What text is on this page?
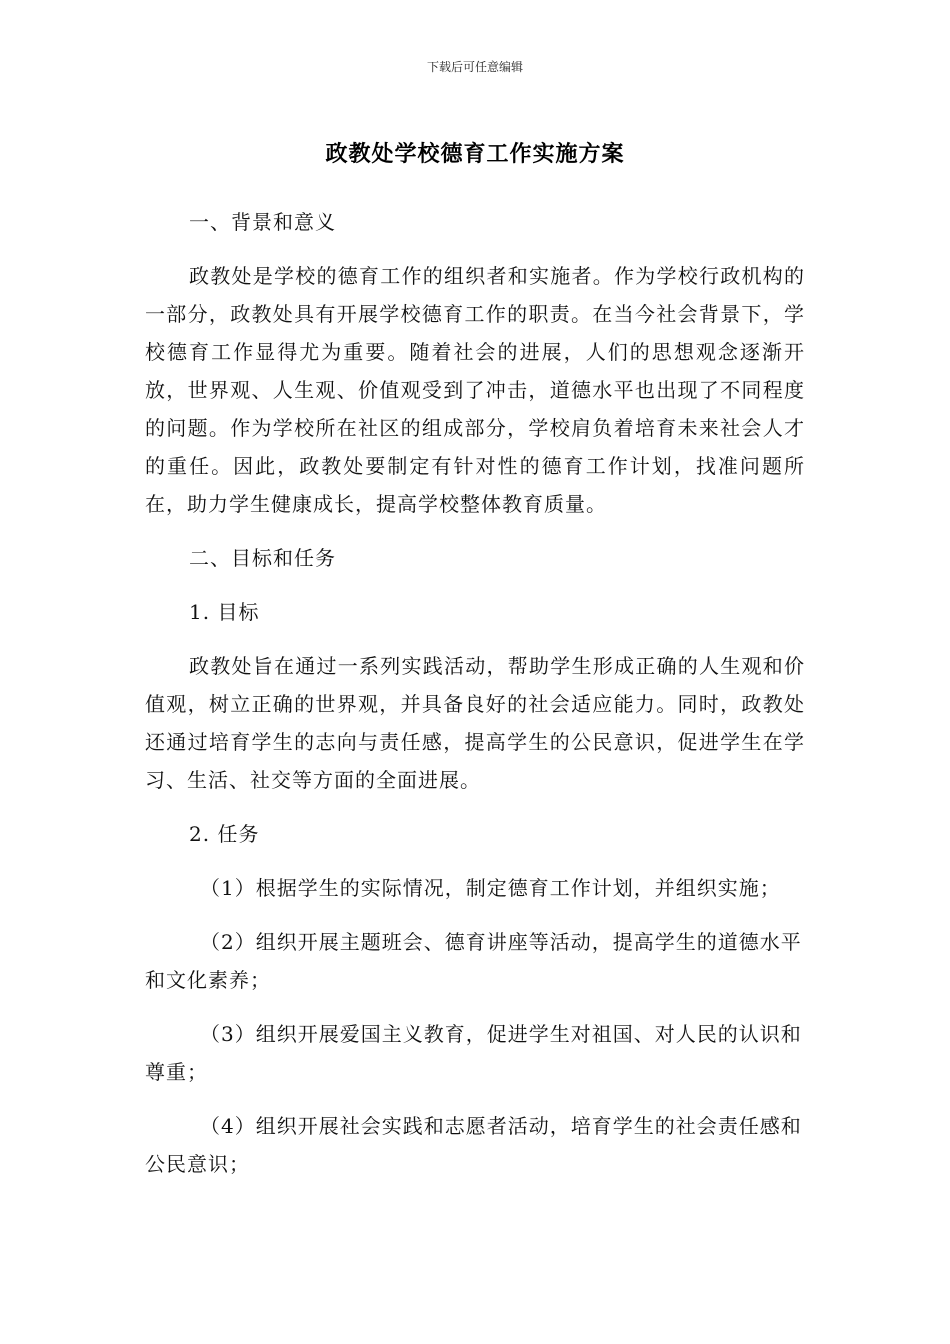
下载后可任意编辑
政教处学校德育工作实施方案

一、背景和意义

政教处是学校的德育工作的组织者和实施者。作为学校行政机构的一部分，政教处具有开展学校德育工作的职责。在当今社会背景下，学校德育工作显得尤为重要。随着社会的进展，人们的思想观念逐渐开放，世界观、人生观、价值观受到了冲击，道德水平也出现了不同程度的问题。作为学校所在社区的组成部分，学校肩负着培育未来社会人才的重任。因此，政教处要制定有针对性的德育工作计划，找准问题所在，助力学生健康成长，提高学校整体教育质量。

二、目标和任务

1. 目标

政教处旨在通过一系列实践活动，帮助学生形成正确的人生观和价值观，树立正确的世界观，并具备良好的社会适应能力。同时，政教处还通过培育学生的志向与责任感，提高学生的公民意识，促进学生在学习、生活、社交等方面的全面进展。

2. 任务

（1）根据学生的实际情况，制定德育工作计划，并组织实施；

（2）组织开展主题班会、德育讲座等活动，提高学生的道德水平和文化素养；

（3）组织开展爱国主义教育，促进学生对祖国、对人民的认识和尊重；

（4）组织开展社会实践和志愿者活动，培育学生的社会责任感和公民意识；
